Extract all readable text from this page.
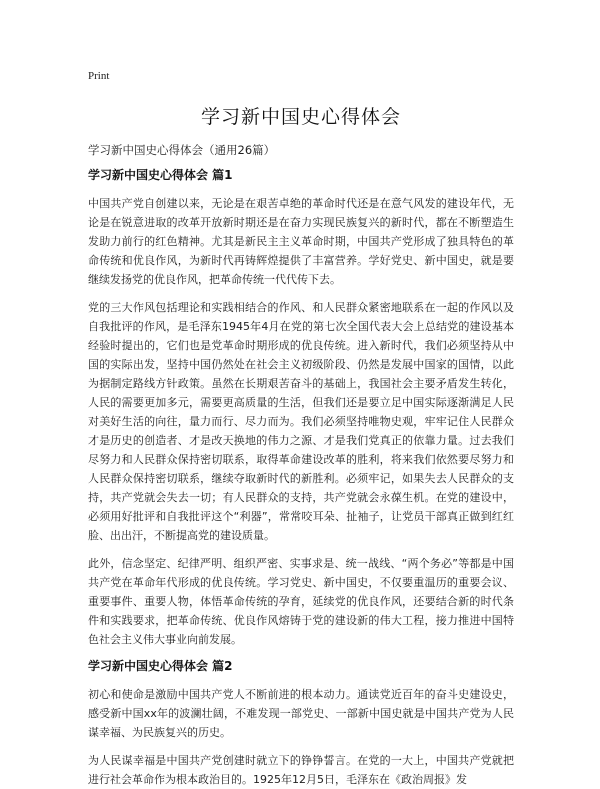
Print
学习新中国史心得体会

学习新中国史心得体会（通用26篇）

学习新中国史心得体会 篇1

中国共产党自创建以来，无论是在艰苦卓绝的革命时代还是在意气风发的建设年代，无论是在锐意进取的改革开放新时期还是在奋力实现民族复兴的新时代，都在不断塑造生发助力前行的红色精神。尤其是新民主主义革命时期，中国共产党形成了独具特色的革命传统和优良作风，为新时代再铸辉煌提供了丰富营养。学好党史、新中国史，就是要继续发扬党的优良作风，把革命传统一代代传下去。

党的三大作风包括理论和实践相结合的作风、和人民群众紧密地联系在一起的作风以及自我批评的作风，是毛泽东1945年4月在党的第七次全国代表大会上总结党的建设基本经验时提出的，它们也是党革命时期形成的优良传统。进入新时代，我们必须坚持从中国的实际出发，坚持中国仍然处在社会主义初级阶段、仍然是发展中国家的国情，以此为据制定路线方针政策。虽然在长期艰苦奋斗的基础上，我国社会主要矛盾发生转化，人民的需要更加多元，需要更高质量的生活，但我们还是要立足中国实际逐渐满足人民对美好生活的向往，量力而行、尽力而为。我们必须坚持唯物史观，牢牢记住人民群众才是历史的创造者、才是改天换地的伟力之源、才是我们党真正的依靠力量。过去我们尽努力和人民群众保持密切联系，取得革命建设改革的胜利，将来我们依然要尽努力和人民群众保持密切联系，继续夺取新时代的新胜利。必须牢记，如果失去人民群众的支持，共产党就会失去一切；有人民群众的支持，共产党就会永葆生机。在党的建设中，必须用好批评和自我批评这个“利器”，常常咬耳朵、扯袖子，让党员干部真正做到红红脸、出出汗，不断提高党的建设质量。

此外，信念坚定、纪律严明、组织严密、实事求是、统一战线、“两个务必”等都是中国共产党在革命年代形成的优良传统。学习党史、新中国史，不仅要重温历的重要会议、重要事件、重要人物，体悟革命传统的孕育，延续党的优良作风，还要结合新的时代条件和实践要求，把革命传统、优良作风熔铸于党的建设新的伟大工程，接力推进中国特色社会主义伟大事业向前发展。

学习新中国史心得体会 篇2

初心和使命是激励中国共产党人不断前进的根本动力。通读党近百年的奋斗史建设史，感受新中国xx年的波澜壮阔，不难发现一部党史、一部新中国史就是中国共产党为人民谋幸福、为民族复兴的历史。

为人民谋幸福是中国共产党创建时就立下的铮铮誓言。在党的一大上，中国共产党就把进行社会革命作为根本政治目的。1925年12月5日，毛泽东在《政治周报》发
